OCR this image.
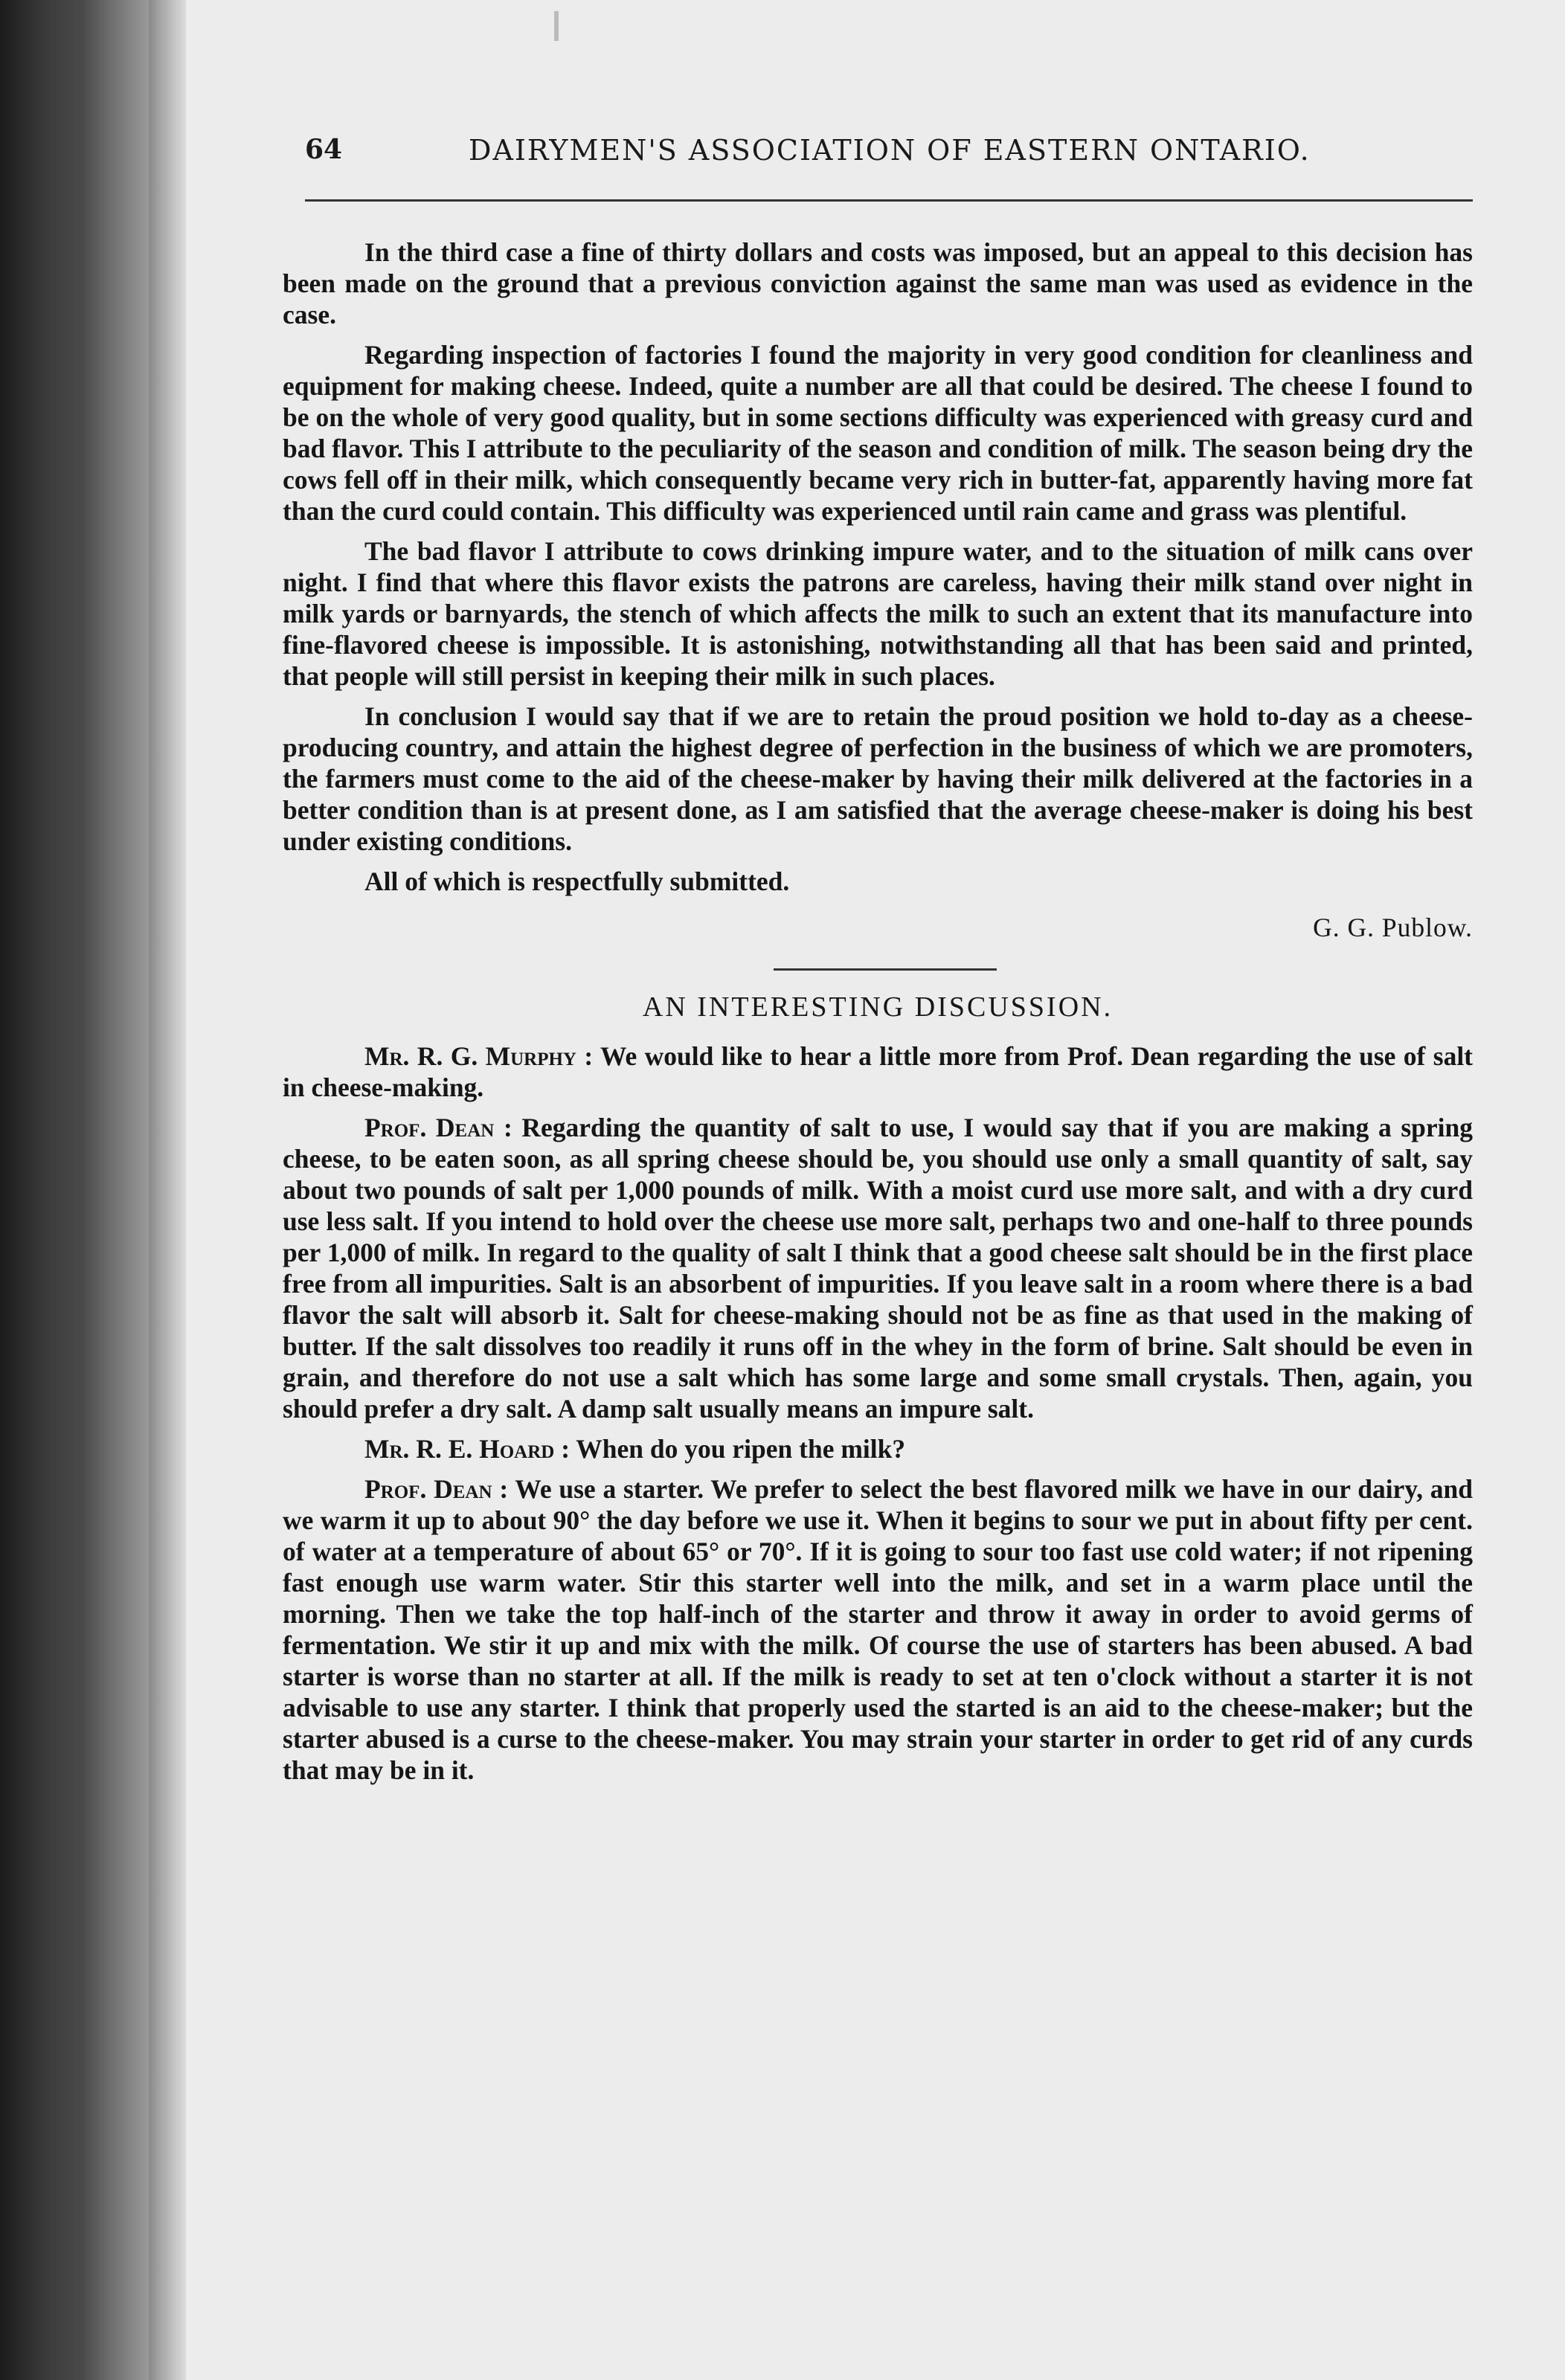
64	DAIRYMEN'S ASSOCIATION OF EASTERN ONTARIO.

In the third case a fine of thirty dollars and costs was imposed, but an appeal to this decision has been made on the ground that a previous conviction against the same man was used as evidence in the case.

Regarding inspection of factories I found the majority in very good condition for cleanliness and equipment for making cheese. Indeed, quite a number are all that could be desired. The cheese I found to be on the whole of very good quality, but in some sections difficulty was experienced with greasy curd and bad flavor. This I attribute to the peculiarity of the season and condition of milk. The season being dry the cows fell off in their milk, which consequently became very rich in butter-fat, apparently having more fat than the curd could contain. This difficulty was experienced until rain came and grass was plentiful.

The bad flavor I attribute to cows drinking impure water, and to the situation of milk cans over night. I find that where this flavor exists the patrons are careless, having their milk stand over night in milk yards or barnyards, the stench of which affects the milk to such an extent that its manufacture into fine-flavored cheese is impossible. It is astonishing, notwithstanding all that has been said and printed, that people will still persist in keeping their milk in such places.

In conclusion I would say that if we are to retain the proud position we hold to-day as a cheese-producing country, and attain the highest degree of perfection in the business of which we are promoters, the farmers must come to the aid of the cheese-maker by having their milk delivered at the factories in a better condition than is at present done, as I am satisfied that the average cheese-maker is doing his best under existing conditions.

All of which is respectfully submitted.

G. G. Publow.

AN INTERESTING DISCUSSION.

Mr. R. G. Murphy : We would like to hear a little more from Prof. Dean regarding the use of salt in cheese-making.

Prof. Dean : Regarding the quantity of salt to use, I would say that if you are making a spring cheese, to be eaten soon, as all spring cheese should be, you should use only a small quantity of salt, say about two pounds of salt per 1,000 pounds of milk. With a moist curd use more salt, and with a dry curd use less salt. If you intend to hold over the cheese use more salt, perhaps two and one-half to three pounds per 1,000 of milk. In regard to the quality of salt I think that a good cheese salt should be in the first place free from all impurities. Salt is an absorbent of impurities. If you leave salt in a room where there is a bad flavor the salt will absorb it. Salt for cheese-making should not be as fine as that used in the making of butter. If the salt dissolves too readily it runs off in the whey in the form of brine. Salt should be even in grain, and therefore do not use a salt which has some large and some small crystals. Then, again, you should prefer a dry salt. A damp salt usually means an impure salt.

Mr. R. E. Hoard : When do you ripen the milk?

Prof. Dean : We use a starter. We prefer to select the best flavored milk we have in our dairy, and we warm it up to about 90° the day before we use it. When it begins to sour we put in about fifty per cent. of water at a temperature of about 65° or 70°. If it is going to sour too fast use cold water; if not ripening fast enough use warm water. Stir this starter well into the milk, and set in a warm place until the morning. Then we take the top half-inch of the starter and throw it away in order to avoid germs of fermentation. We stir it up and mix with the milk. Of course the use of starters has been abused. A bad starter is worse than no starter at all. If the milk is ready to set at ten o'clock without a starter it is not advisable to use any starter. I think that properly used the started is an aid to the cheese-maker; but the starter abused is a curse to the cheese-maker. You may strain your starter in order to get rid of any curds that may be in it.
